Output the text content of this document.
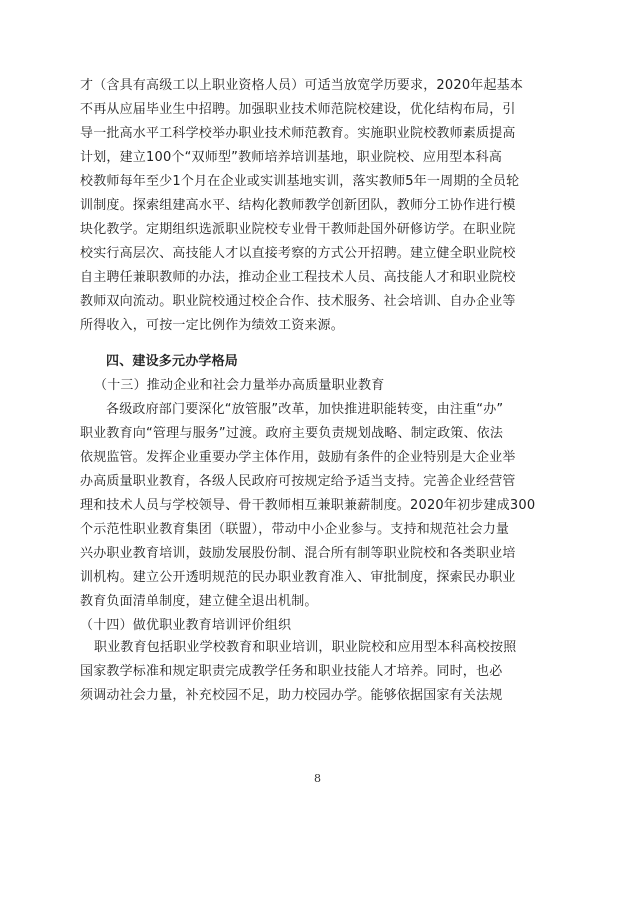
才（含具有高级工以上职业资格人员）可适当放宽学历要求，2020年起基本
不再从应届毕业生中招聘。加强职业技术师范院校建设，优化结构布局，引
导一批高水平工科学校举办职业技术师范教育。实施职业院校教师素质提高
计划，建立100个“双师型”教师培养培训基地，职业院校、应用型本科高
校教师每年至少1个月在企业或实训基地实训，落实教师5年一周期的全员轮
训制度。探索组建高水平、结构化教师教学创新团队，教师分工协作进行模
块化教学。定期组织选派职业院校专业骨干教师赴国外研修访学。在职业院
校实行高层次、高技能人才以直接考察的方式公开招聘。建立健全职业院校
自主聘任兼职教师的办法，推动企业工程技术人员、高技能人才和职业院校
教师双向流动。职业院校通过校企合作、技术服务、社会培训、自办企业等
所得收入，可按一定比例作为绩效工资来源。
四、建设多元办学格局
（十三）推动企业和社会力量举办高质量职业教育
各级政府部门要深化“放管服”改革，加快推进职能转变，由注重“办”
职业教育向“管理与服务”过渡。政府主要负责规划战略、制定政策、依法
依规监管。发挥企业重要办学主体作用，鼓励有条件的企业特别是大企业举
办高质量职业教育，各级人民政府可按规定给予适当支持。完善企业经营管
理和技术人员与学校领导、骨干教师相互兼职兼薪制度。2020年初步建成300
个示范性职业教育集团（联盟），带动中小企业参与。支持和规范社会力量
兴办职业教育培训，鼓励发展股份制、混合所有制等职业院校和各类职业培
训机构。建立公开透明规范的民办职业教育准入、审批制度，探索民办职业
教育负面清单制度，建立健全退出机制。
（十四）做优职业教育培训评价组织
职业教育包括职业学校教育和职业培训，职业院校和应用型本科高校按照
国家教学标准和规定职责完成教学任务和职业技能人才培养。同时，也必
须调动社会力量，补充校园不足，助力校园办学。能够依据国家有关法规
8
